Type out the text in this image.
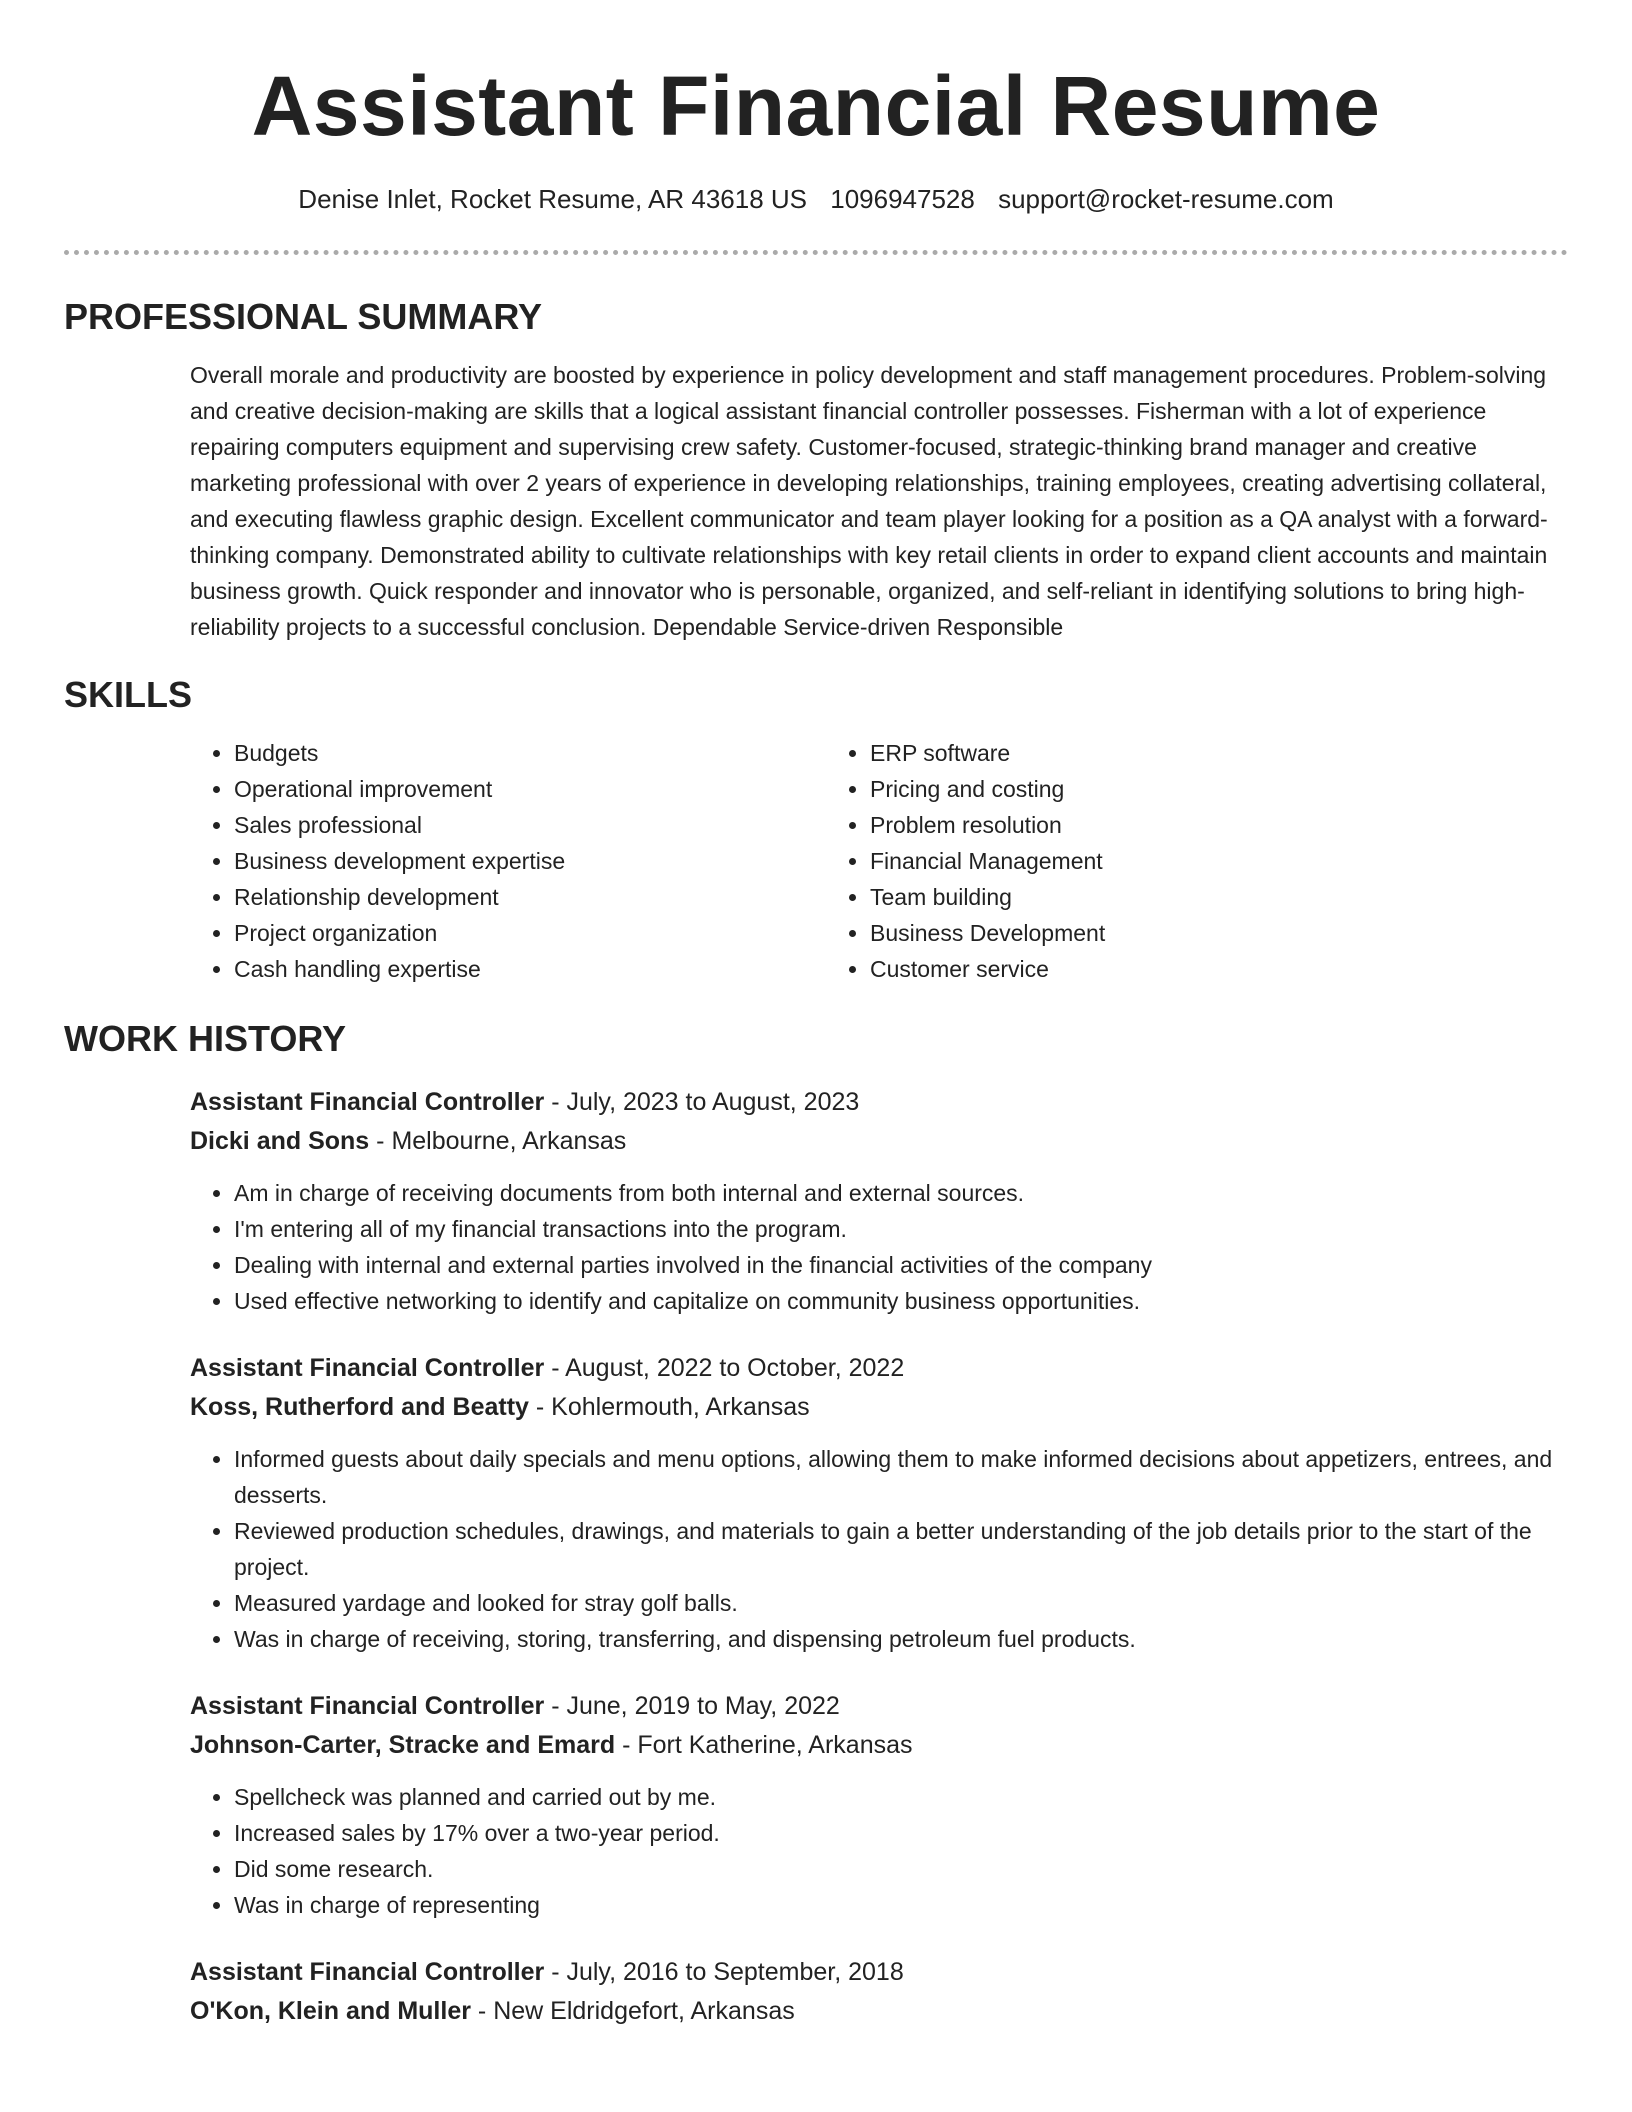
Assistant Financial Resume
Denise Inlet, Rocket Resume, AR 43618 US 1096947528 support@rocket-resume.com
PROFESSIONAL SUMMARY

Overall morale and productivity are boosted by experience in policy development and staff management procedures. Problem-solving and creative decision-making are skills that a logical assistant financial controller possesses. Fisherman with a lot of experience repairing computers equipment and supervising crew safety. Customer-focused, strategic-thinking brand manager and creative marketing professional with over 2 years of experience in developing relationships, training employees, creating advertising collateral, and executing flawless graphic design. Excellent communicator and team player looking for a position as a QA analyst with a forward-thinking company. Demonstrated ability to cultivate relationships with key retail clients in order to expand client accounts and maintain business growth. Quick responder and innovator who is personable, organized, and self-reliant in identifying solutions to bring high-reliability projects to a successful conclusion. Dependable Service-driven Responsible

SKILLS
• Budgets
• Operational improvement
• Sales professional
• Business development expertise
• Relationship development
• Project organization
• Cash handling expertise
• ERP software
• Pricing and costing
• Problem resolution
• Financial Management
• Team building
• Business Development
• Customer service
WORK HISTORY
Assistant Financial Controller - July, 2023 to August, 2023
Dicki and Sons - Melbourne, Arkansas
• Am in charge of receiving documents from both internal and external sources.
• I'm entering all of my financial transactions into the program.
• Dealing with internal and external parties involved in the financial activities of the company
• Used effective networking to identify and capitalize on community business opportunities.
Assistant Financial Controller - August, 2022 to October, 2022
Koss, Rutherford and Beatty - Kohlermouth, Arkansas
• Informed guests about daily specials and menu options, allowing them to make informed decisions about appetizers, entrees, and desserts.
• Reviewed production schedules, drawings, and materials to gain a better understanding of the job details prior to the start of the project.
• Measured yardage and looked for stray golf balls.
• Was in charge of receiving, storing, transferring, and dispensing petroleum fuel products.
Assistant Financial Controller - June, 2019 to May, 2022
Johnson-Carter, Stracke and Emard - Fort Katherine, Arkansas
• Spellcheck was planned and carried out by me.
• Increased sales by 17% over a two-year period.
• Did some research.
• Was in charge of representing
Assistant Financial Controller - July, 2016 to September, 2018
O'Kon, Klein and Muller - New Eldridgefort, Arkansas
